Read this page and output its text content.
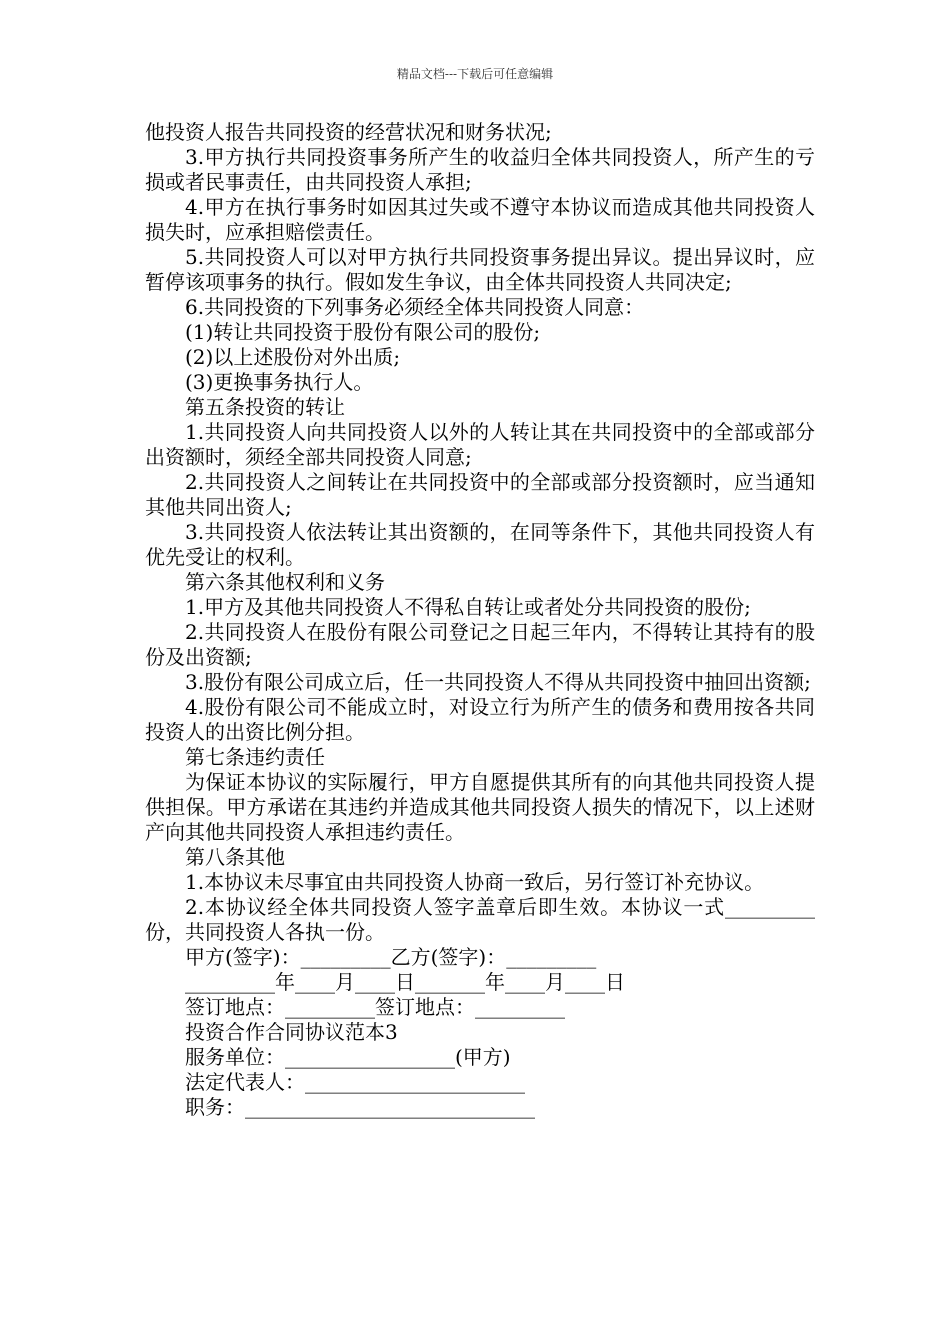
精品文档---下载后可任意编辑

他投资人报告共同投资的经营状况和财务状况;

3.甲方执行共同投资事务所产生的收益归全体共同投资人，所产生的亏损或者民事责任，由共同投资人承担;

4.甲方在执行事务时如因其过失或不遵守本协议而造成其他共同投资人损失时，应承担赔偿责任。

5.共同投资人可以对甲方执行共同投资事务提出异议。提出异议时，应暂停该项事务的执行。假如发生争议，由全体共同投资人共同决定;

6.共同投资的下列事务必须经全体共同投资人同意：

(1)转让共同投资于股份有限公司的股份;

(2)以上述股份对外出质;

(3)更换事务执行人。

第五条投资的转让

1.共同投资人向共同投资人以外的人转让其在共同投资中的全部或部分出资额时，须经全部共同投资人同意;

2.共同投资人之间转让在共同投资中的全部或部分投资额时，应当通知其他共同出资人;

3.共同投资人依法转让其出资额的，在同等条件下，其他共同投资人有优先受让的权利。

第六条其他权利和义务

1.甲方及其他共同投资人不得私自转让或者处分共同投资的股份;

2.共同投资人在股份有限公司登记之日起三年内，不得转让其持有的股份及出资额;

3.股份有限公司成立后，任一共同投资人不得从共同投资中抽回出资额;

4.股份有限公司不能成立时，对设立行为所产生的债务和费用按各共同投资人的出资比例分担。

第七条违约责任

为保证本协议的实际履行，甲方自愿提供其所有的向其他共同投资人提供担保。甲方承诺在其违约并造成其他共同投资人损失的情况下，以上述财产向其他共同投资人承担违约责任。

第八条其他

1.本协议未尽事宜由共同投资人协商一致后，另行签订补充协议。

2.本协议经全体共同投资人签字盖章后即生效。本协议一式_________份，共同投资人各执一份。

甲方(签字)：_________乙方(签字)：_________

_________年____月____日_______年____月____日

签订地点：_________签订地点：_________

投资合作合同协议范本3

服务单位：_________________(甲方)

法定代表人：______________________

职务：_____________________________
